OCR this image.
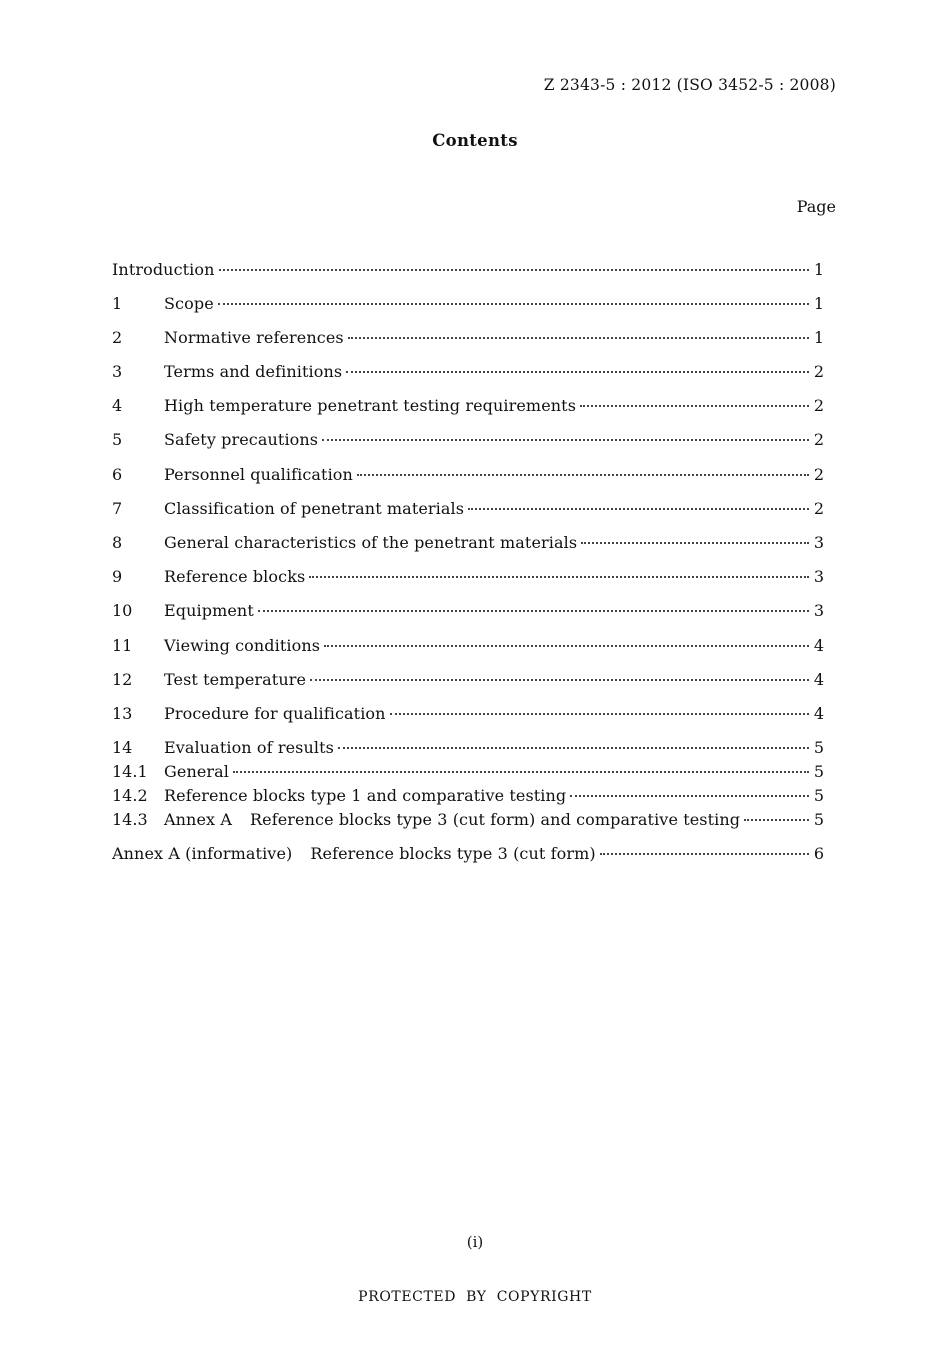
Z 2343-5 : 2012 (ISO 3452-5 : 2008)
Contents
Page
Introduction	1
1	Scope	1
2	Normative references	1
3	Terms and definitions	2
4	High temperature penetrant testing requirements	2
5	Safety precautions	2
6	Personnel qualification	2
7	Classification of penetrant materials	2
8	General characteristics of the penetrant materials	3
9	Reference blocks	3
10	Equipment	3
11	Viewing conditions	4
12	Test temperature	4
13	Procedure for qualification	4
14	Evaluation of results	5
14.1	General	5
14.2	Reference blocks type 1 and comparative testing	5
14.3	Annex A Reference blocks type 3 (cut form) and comparative testing	5
Annex A (informative) Reference blocks type 3 (cut form)	6
(i)
PROTECTED  BY  COPYRIGHT
